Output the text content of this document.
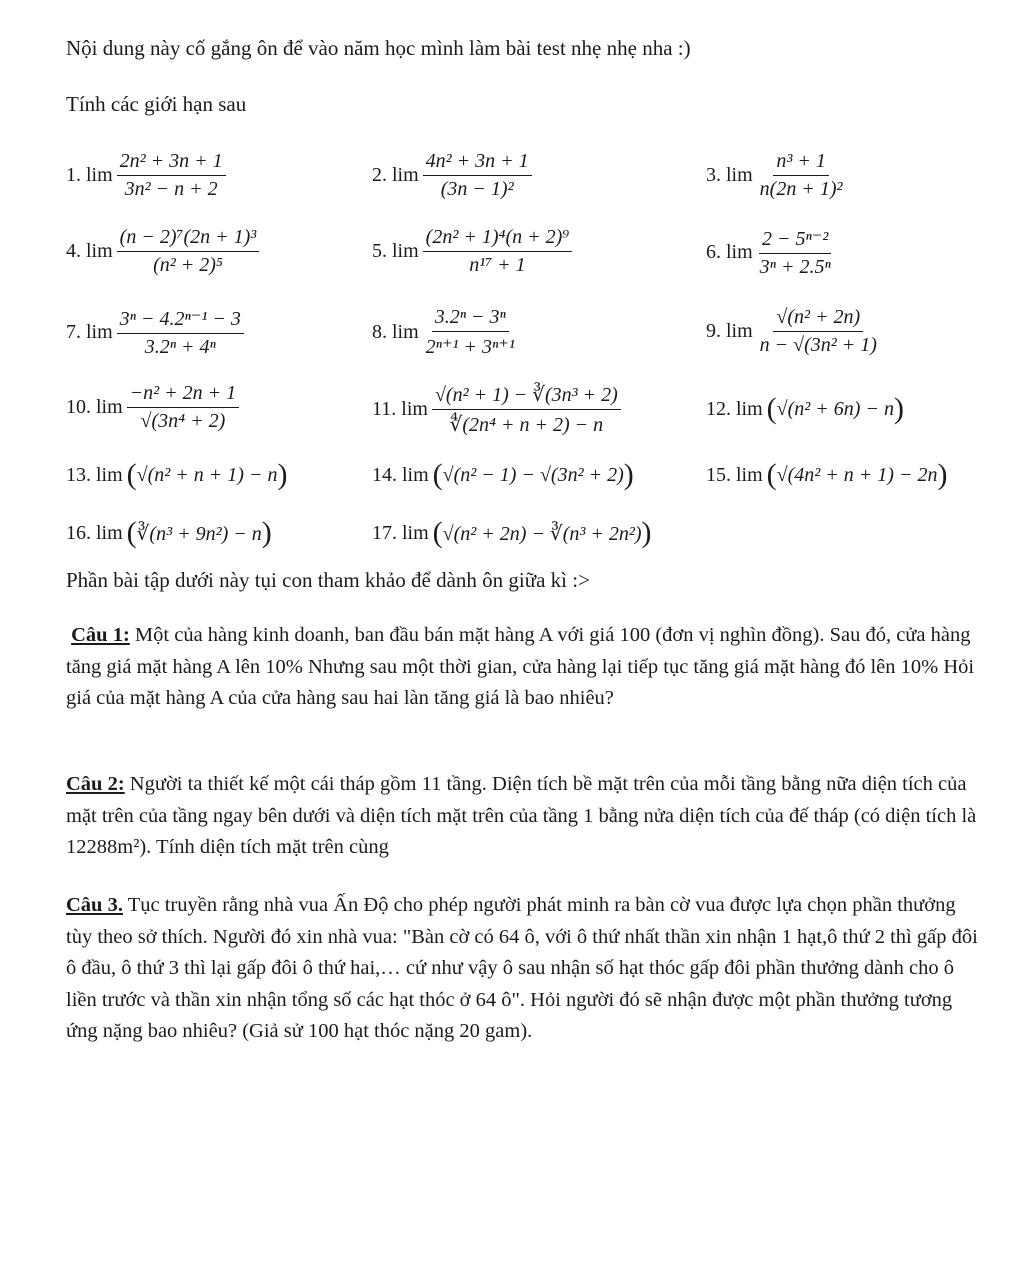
Nội dung này cố gắng ôn để vào năm học mình làm bài test nhẹ nhẹ nha :)
Tính các giới hạn sau
1. $\lim \frac{\text{2n² + 3n + 1}}{\text{3n² − n + 2}}$	2. $\lim \frac{\text{4n² + 3n + 1}}{\text{(3n − 1)²}}$	3. $\lim \frac{\text{n³ + 1}}{\text{n(2n + 1)²}}$
4. $\lim \frac{\text{(n − 2)⁷(2n + 1)³}}{\text{(n² + 2)⁵}}$	5. $\lim \frac{\text{(2n² + 1)⁴(n + 2)⁹}}{\text{n¹⁷ + 1}}$	6. $\lim \frac{\text{2 − 5ⁿ⁻²}}{\text{3ⁿ + 2.5ⁿ}}$
7. $\lim \frac{\text{3ⁿ − 4.2ⁿ⁻¹ − 3}}{\text{3.2ⁿ + 4ⁿ}}$	8. $\lim \frac{\text{3.2ⁿ − 3ⁿ}}{\text{2ⁿ⁺¹ + 3ⁿ⁺¹}}$	9. $\lim \frac{\text{√(n² + 2n)}}{\text{n − √(3n² + 1)}}$
10. $\lim \frac{\text{−n² + 2n + 1}}{\text{√(3n⁴ + 2)}}$	11. $\lim \frac{\text{√(n² + 1) − ∛(3n³ + 2)}}{\text{∜(2n⁴ + n + 2) − n}}$	12. lim ( √(n² + 6n) − n )
13. lim ( √(n² + n + 1) − n )	14. lim ( √(n² − 1) − √(3n² + 2) )	15. lim ( √(4n² + n + 1) − 2n )
16. lim ( ∛(n³ + 9n²) − n )	17. lim ( √(n² + 2n) − ∛(n³ + 2n²) )
Phần bài tập dưới này tụi con tham khảo để dành ôn giữa kì :>
Câu 1: Một của hàng kinh doanh, ban đầu bán mặt hàng A với giá 100 (đơn vị nghìn đồng). Sau đó, cửa hàng tăng giá mặt hàng A lên 10% Nhưng sau một thời gian, cửa hàng lại tiếp tục tăng giá mặt hàng đó lên 10% Hỏi giá của mặt hàng A của cửa hàng sau hai làn tăng giá là bao nhiêu?
Câu 2: Người ta thiết kế một cái tháp gồm 11 tầng. Diện tích bề mặt trên của mỗi tầng bằng nữa diện tích của mặt trên của tầng ngay bên dưới và diện tích mặt trên của tầng 1 bằng nửa diện tích của đế tháp (có diện tích là 12288m²). Tính diện tích mặt trên cùng
Câu 3. Tục truyền rằng nhà vua Ấn Độ cho phép người phát minh ra bàn cờ vua được lựa chọn phần thưởng tùy theo sở thích. Người đó xin nhà vua: "Bàn cờ có 64 ô, với ô thứ nhất thần xin nhận 1 hạt,ô thứ 2 thì gấp đôi ô đầu, ô thứ 3 thì lại gấp đôi ô thứ hai,… cứ như vậy ô sau nhận số hạt thóc gấp đôi phần thưởng dành cho ô liền trước và thần xin nhận tổng số các hạt thóc ở 64 ô". Hỏi người đó sẽ nhận được một phần thưởng tương ứng nặng bao nhiêu? (Giả sử 100 hạt thóc nặng 20 gam).
